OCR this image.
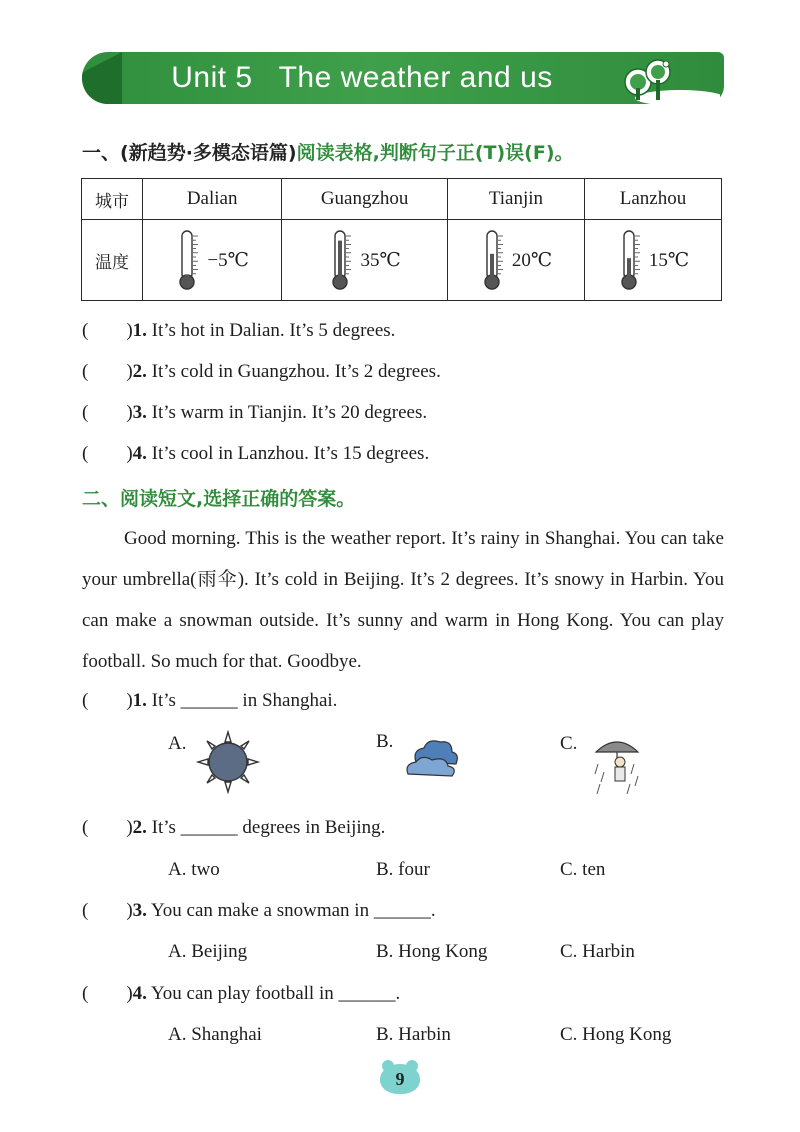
Unit 5   The weather and us
一、(新趋势·多模态语篇)阅读表格,判断句子正(T)误(F)。
城市	Dalian	Guangzhou	Tianjin	Lanzhou
温度	−5℃	35℃	20℃	15℃
(        )1. It’s hot in Dalian. It’s 5 degrees.
(        )2. It’s cold in Guangzhou. It’s 2 degrees.
(        )3. It’s warm in Tianjin. It’s 20 degrees.
(        )4. It’s cool in Lanzhou. It’s 15 degrees.
二、阅读短文,选择正确的答案。
Good morning. This is the weather report. It’s rainy in Shanghai. You can take your umbrella(雨伞). It’s cold in Beijing. It’s 2 degrees. It’s snowy in Harbin. You can make a snowman outside. It’s sunny and warm in Hong Kong. You can play football. So much for that. Goodbye.
(        )1. It’s ______ in Shanghai.
A.	B.	C.
(        )2. It’s ______ degrees in Beijing.
A. two	B. four	C. ten
(        )3. You can make a snowman in ______.
A. Beijing	B. Hong Kong	C. Harbin
(        )4. You can play football in ______.
A. Shanghai	B. Harbin	C. Hong Kong
9
